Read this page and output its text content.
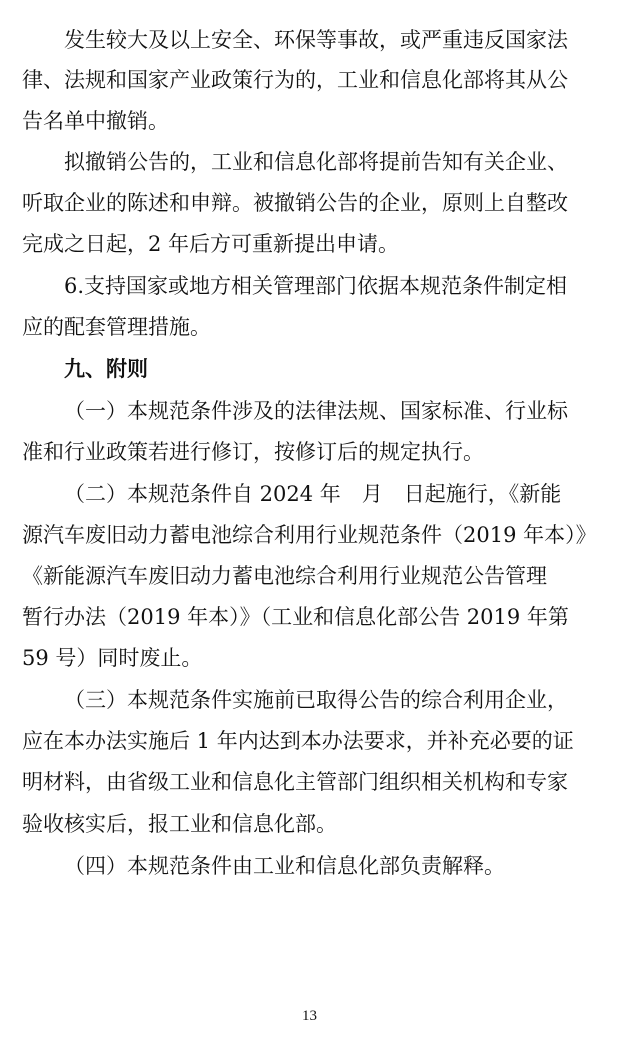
发生较大及以上安全、环保等事故，或严重违反国家法
律、法规和国家产业政策行为的，工业和信息化部将其从公
告名单中撤销。
拟撤销公告的，工业和信息化部将提前告知有关企业、
听取企业的陈述和申辩。被撤销公告的企业，原则上自整改
完成之日起，2 年后方可重新提出申请。
6.支持国家或地方相关管理部门依据本规范条件制定相
应的配套管理措施。
九、附则
（一）本规范条件涉及的法律法规、国家标准、行业标
准和行业政策若进行修订，按修订后的规定执行。
（二）本规范条件自 2024 年　月　日起施行，《新能
源汽车废旧动力蓄电池综合利用行业规范条件（2019 年本）》
《新能源汽车废旧动力蓄电池综合利用行业规范公告管理
暂行办法（2019 年本）》（工业和信息化部公告 2019 年第
59 号）同时废止。
（三）本规范条件实施前已取得公告的综合利用企业，
应在本办法实施后 1 年内达到本办法要求，并补充必要的证
明材料，由省级工业和信息化主管部门组织相关机构和专家
验收核实后，报工业和信息化部。
（四）本规范条件由工业和信息化部负责解释。
13
